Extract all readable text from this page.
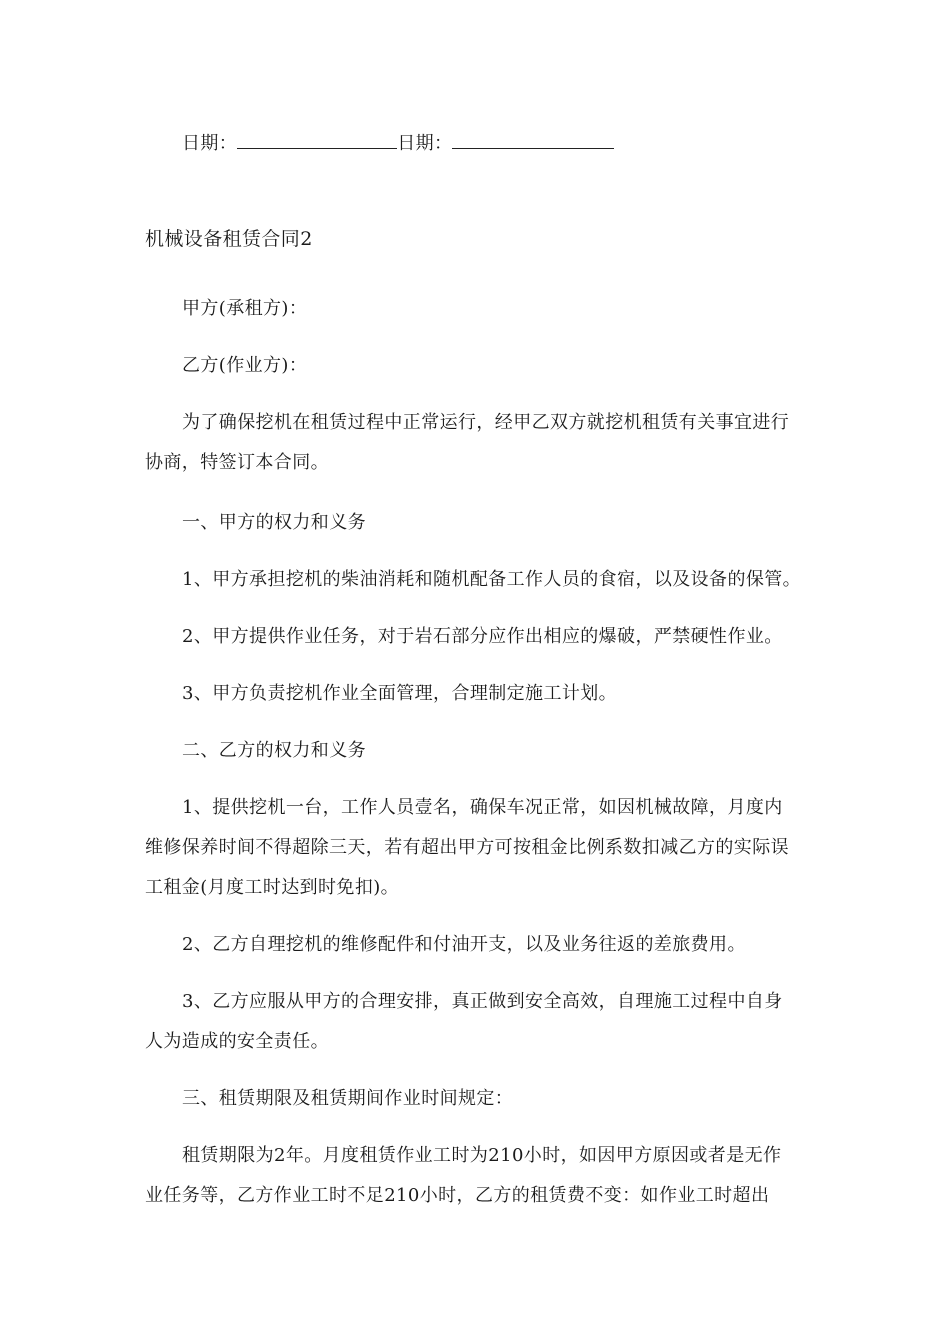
日期：	日期：
机械设备租赁合同2
甲方(承租方)：
乙方(作业方)：
为了确保挖机在租赁过程中正常运行，经甲乙双方就挖机租赁有关事宜进行
协商，特签订本合同。
一、甲方的权力和义务
1、甲方承担挖机的柴油消耗和随机配备工作人员的食宿，以及设备的保管。
2、甲方提供作业任务，对于岩石部分应作出相应的爆破，严禁硬性作业。
3、甲方负责挖机作业全面管理，合理制定施工计划。
二、乙方的权力和义务
1、提供挖机一台，工作人员壹名，确保车况正常，如因机械故障，月度内
维修保养时间不得超除三天，若有超出甲方可按租金比例系数扣减乙方的实际误
工租金(月度工时达到时免扣)。
2、乙方自理挖机的维修配件和付油开支，以及业务往返的差旅费用。
3、乙方应服从甲方的合理安排，真正做到安全高效，自理施工过程中自身
人为造成的安全责任。
三、租赁期限及租赁期间作业时间规定：
租赁期限为2年。月度租赁作业工时为210小时，如因甲方原因或者是无作
业任务等，乙方作业工时不足210小时，乙方的租赁费不变：如作业工时超出
